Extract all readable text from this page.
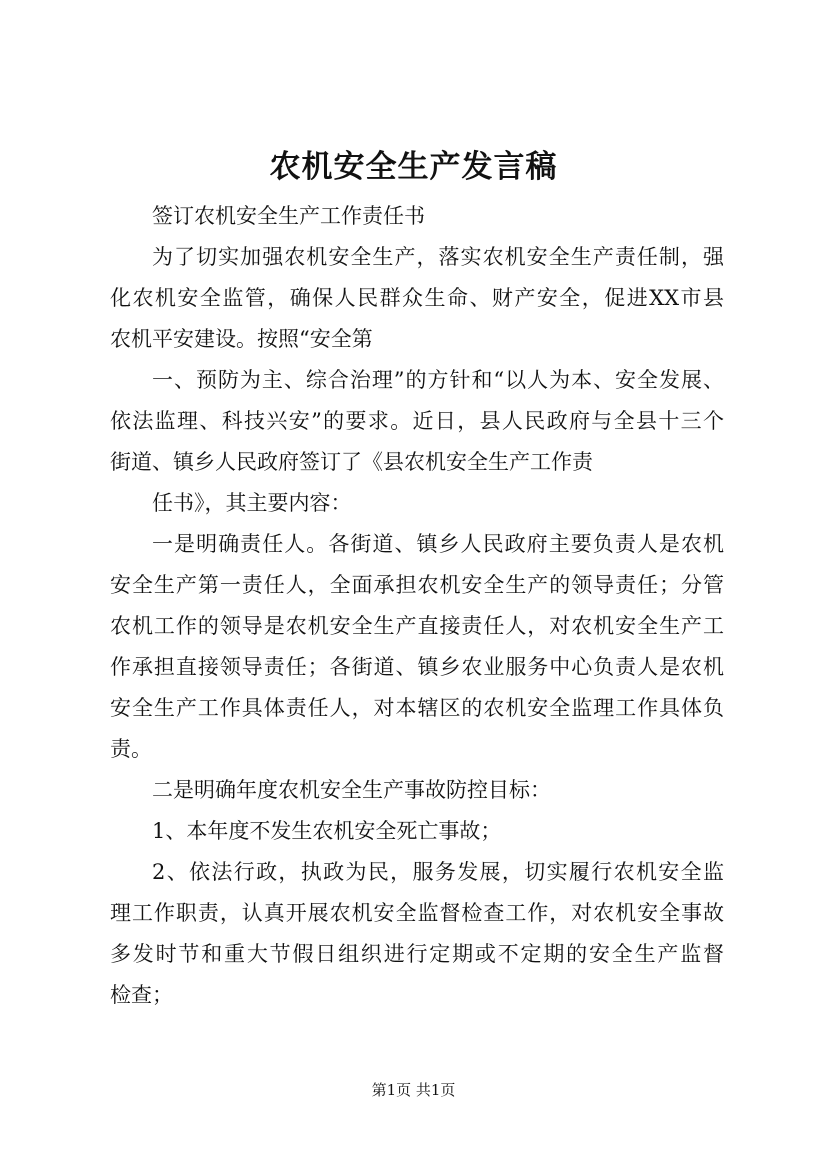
农机安全生产发言稿
签订农机安全生产工作责任书
为了切实加强农机安全生产，落实农机安全生产责任制，强
化农机安全监管，确保人民群众生命、财产安全，促进XX市县
农机平安建设。按照“安全第
一、预防为主、综合治理”的方针和“以人为本、安全发展、
依法监理、科技兴安”的要求。近日，县人民政府与全县十三个
街道、镇乡人民政府签订了《县农机安全生产工作责
任书》，其主要内容：
一是明确责任人。各街道、镇乡人民政府主要负责人是农机
安全生产第一责任人，全面承担农机安全生产的领导责任；分管
农机工作的领导是农机安全生产直接责任人，对农机安全生产工
作承担直接领导责任；各街道、镇乡农业服务中心负责人是农机
安全生产工作具体责任人，对本辖区的农机安全监理工作具体负
责。
二是明确年度农机安全生产事故防控目标：
1、本年度不发生农机安全死亡事故；
2、依法行政，执政为民，服务发展，切实履行农机安全监
理工作职责，认真开展农机安全监督检查工作，对农机安全事故
多发时节和重大节假日组织进行定期或不定期的安全生产监督
检查；
第1页 共1页
